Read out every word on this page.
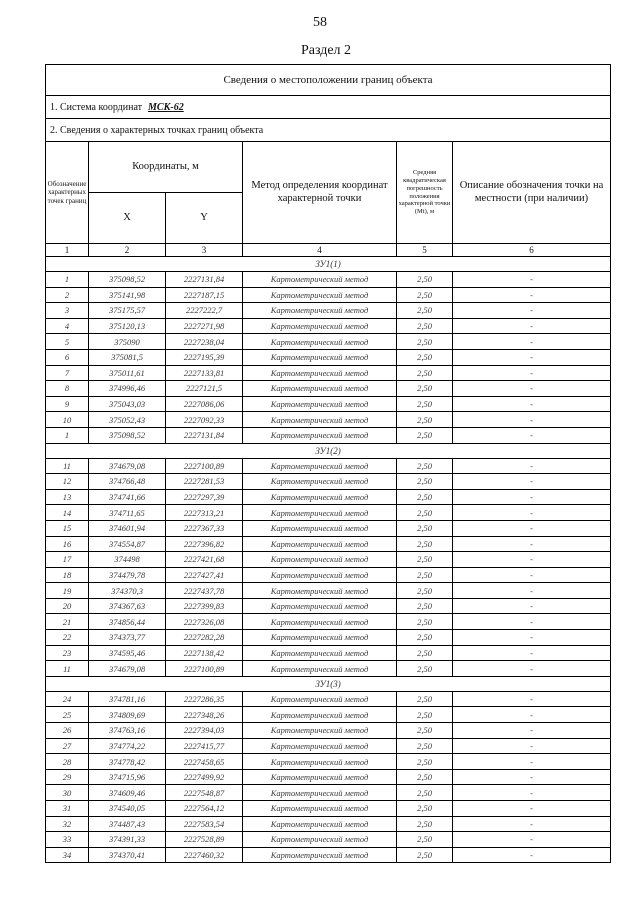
58
Раздел 2
Сведения о местоположении границ объекта					
1. Система координат МСК-62					
2. Сведения о характерных точках границ объекта					
Обозначение характерных точек границ	Координаты, м		Метод определения координат характерной точки	Средняя квадратическая погрешность положения характерной точки (Mt), м	Описание обозначения точки на местности (при наличии)
	X	Y			
1	2	3	4	5	6
ЗУ1(1)					
1	375098,52	2227131,84	Картометрический метод	2,50	-
2	375141,98	2227187,15	Картометрический метод	2,50	-
3	375175,57	2227222,7	Картометрический метод	2,50	-
4	375120,13	2227271,98	Картометрический метод	2,50	-
5	375090	2227238,04	Картометрический метод	2,50	-
6	375081,5	2227195,39	Картометрический метод	2,50	-
7	375011,61	2227133,81	Картометрический метод	2,50	-
8	374996,46	2227121,5	Картометрический метод	2,50	-
9	375043,03	2227086,06	Картометрический метод	2,50	-
10	375052,43	2227092,33	Картометрический метод	2,50	-
1	375098,52	2227131,84	Картометрический метод	2,50	-
ЗУ1(2)					
11	374679,08	2227100,89	Картометрический метод	2,50	-
12	374766,48	2227281,53	Картометрический метод	2,50	-
13	374741,66	2227297,39	Картометрический метод	2,50	-
14	374711,65	2227313,21	Картометрический метод	2,50	-
15	374601,94	2227367,33	Картометрический метод	2,50	-
16	374554,87	2227396,82	Картометрический метод	2,50	-
17	374498	2227421,68	Картометрический метод	2,50	-
18	374479,78	2227427,41	Картометрический метод	2,50	-
19	374370,3	2227437,78	Картометрический метод	2,50	-
20	374367,63	2227399,83	Картометрический метод	2,50	-
21	374856,44	2227326,08	Картометрический метод	2,50	-
22	374373,77	2227282,28	Картометрический метод	2,50	-
23	374595,46	2227138,42	Картометрический метод	2,50	-
11	374679,08	2227100,89	Картометрический метод	2,50	-
ЗУ1(3)					
24	374781,16	2227286,35	Картометрический метод	2,50	-
25	374809,69	2227348,26	Картометрический метод	2,50	-
26	374763,16	2227394,03	Картометрический метод	2,50	-
27	374774,22	2227415,77	Картометрический метод	2,50	-
28	374778,42	2227458,65	Картометрический метод	2,50	-
29	374715,96	2227499,92	Картометрический метод	2,50	-
30	374609,46	2227548,87	Картометрический метод	2,50	-
31	374540,05	2227564,12	Картометрический метод	2,50	-
32	374487,43	2227583,54	Картометрический метод	2,50	-
33	374391,33	2227528,89	Картометрический метод	2,50	-
34	374370,41	2227460,32	Картометрический метод	2,50	-
